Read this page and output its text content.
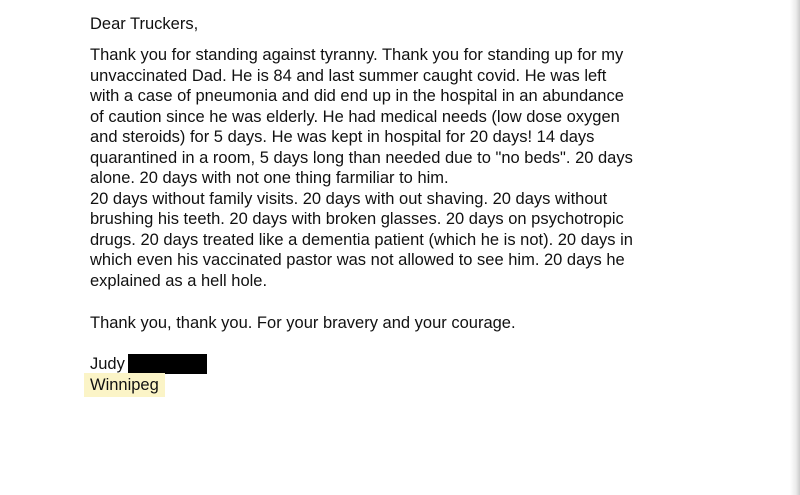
Dear Truckers,

Thank you for standing against tyranny. Thank you for standing up for my
unvaccinated Dad. He is 84 and last summer caught covid. He was left
with a case of pneumonia and did end up in the hospital in an abundance
of caution since he was elderly. He had medical needs (low dose oxygen
and steroids) for 5 days. He was kept in hospital for 20 days! 14 days
quarantined in a room, 5 days long than needed due to "no beds". 20 days
alone. 20 days with not one thing farmiliar to him.
20 days without family visits. 20 days with out shaving. 20 days without
brushing his teeth. 20 days with broken glasses. 20 days on psychotropic
drugs. 20 days treated like a dementia patient (which he is not). 20 days in
which even his vaccinated pastor was not allowed to see him. 20 days he
explained as a hell hole.

Thank you, thank you. For your bravery and your courage.

Judy
Winnipeg
